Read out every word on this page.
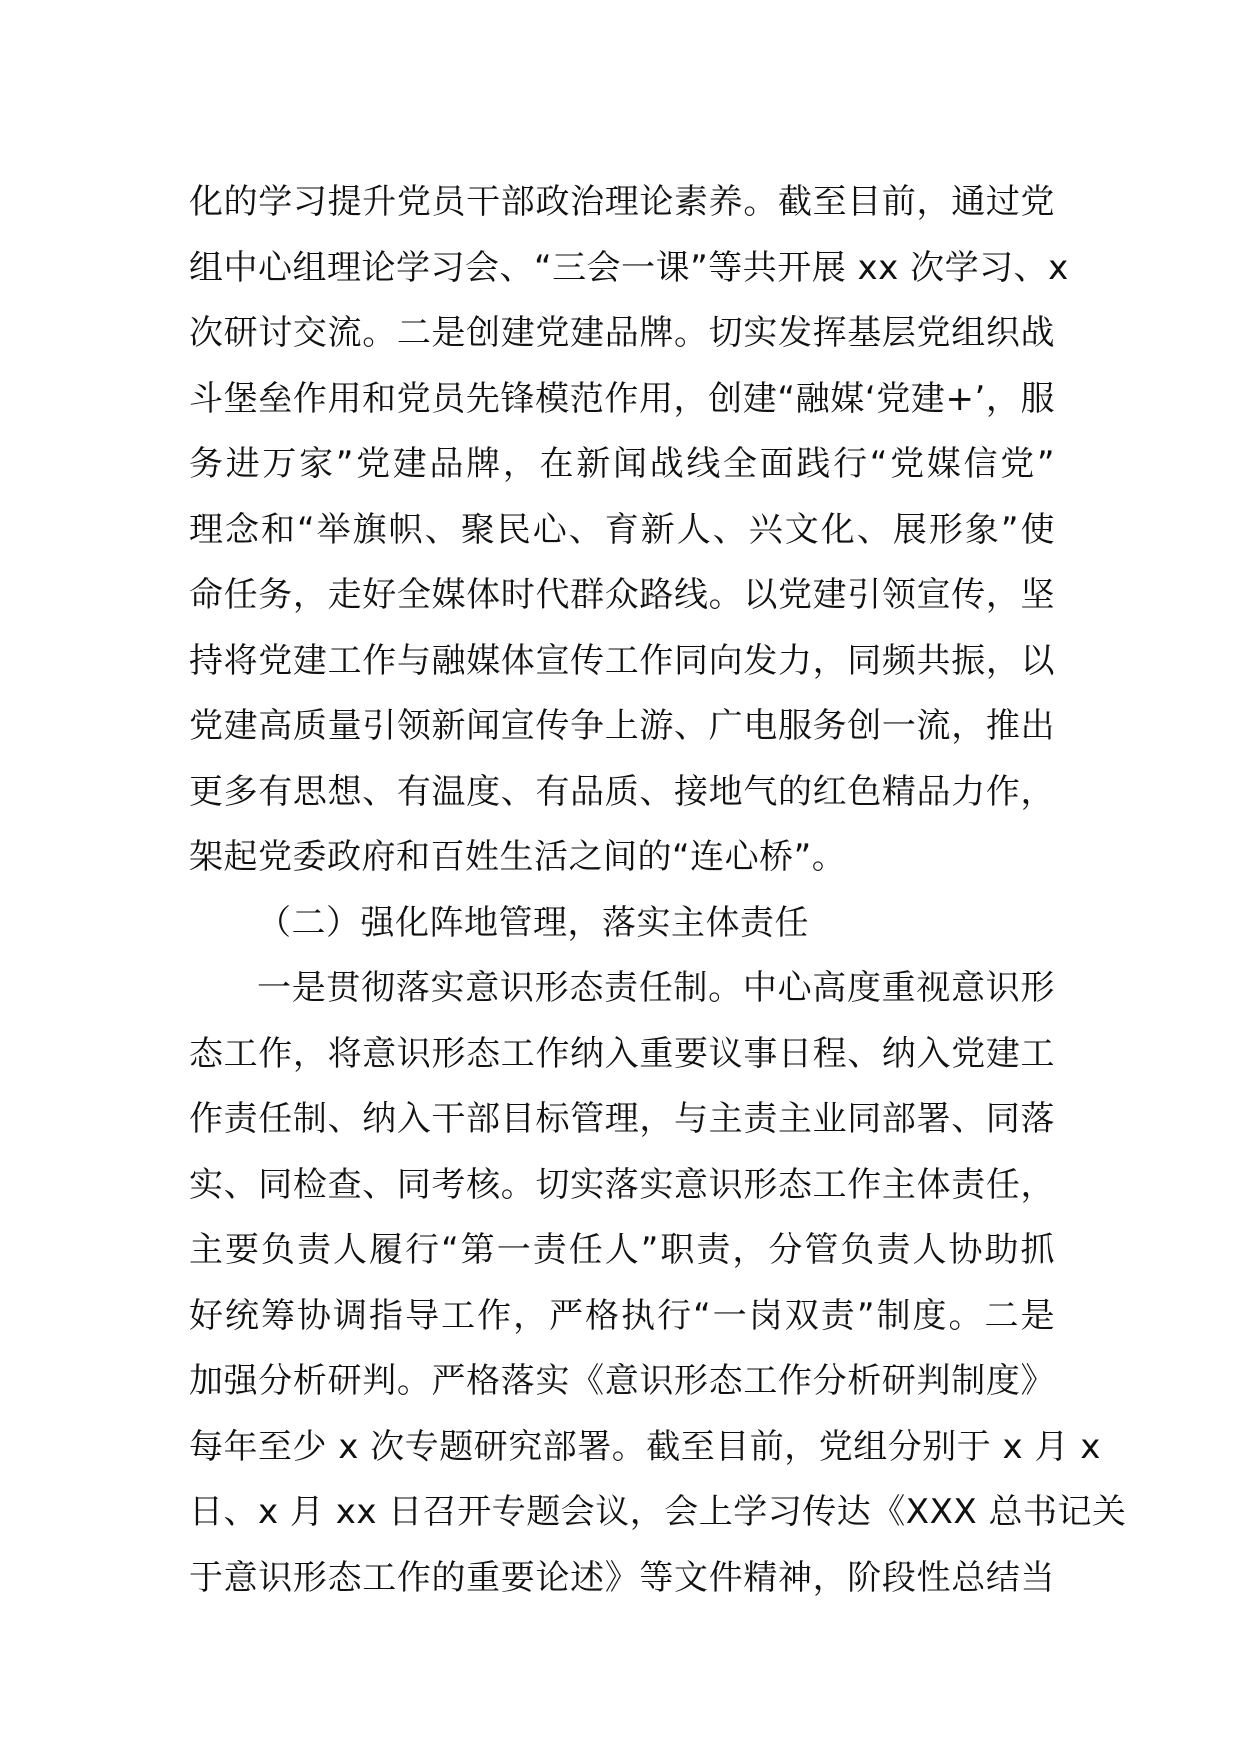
化的学习提升党员干部政治理论素养。截至目前，通过党
组中心组理论学习会、“三会一课”等共开展 xx 次学习、x
次研讨交流。二是创建党建品牌。切实发挥基层党组织战
斗堡垒作用和党员先锋模范作用，创建“融媒‘党建+’，服
务进万家”党建品牌，在新闻战线全面践行“党媒信党”
理念和“举旗帜、聚民心、育新人、兴文化、展形象”使
命任务，走好全媒体时代群众路线。以党建引领宣传，坚
持将党建工作与融媒体宣传工作同向发力，同频共振，以
党建高质量引领新闻宣传争上游、广电服务创一流，推出
更多有思想、有温度、有品质、接地气的红色精品力作，
架起党委政府和百姓生活之间的“连心桥”。
（二）强化阵地管理，落实主体责任
一是贯彻落实意识形态责任制。中心高度重视意识形
态工作，将意识形态工作纳入重要议事日程、纳入党建工
作责任制、纳入干部目标管理，与主责主业同部署、同落
实、同检查、同考核。切实落实意识形态工作主体责任，
主要负责人履行“第一责任人”职责，分管负责人协助抓
好统筹协调指导工作，严格执行“一岗双责”制度。二是
加强分析研判。严格落实《意识形态工作分析研判制度》
每年至少 x 次专题研究部署。截至目前，党组分别于 x 月 x
日、x 月 xx 日召开专题会议，会上学习传达《XXX 总书记关
于意识形态工作的重要论述》等文件精神，阶段性总结当
